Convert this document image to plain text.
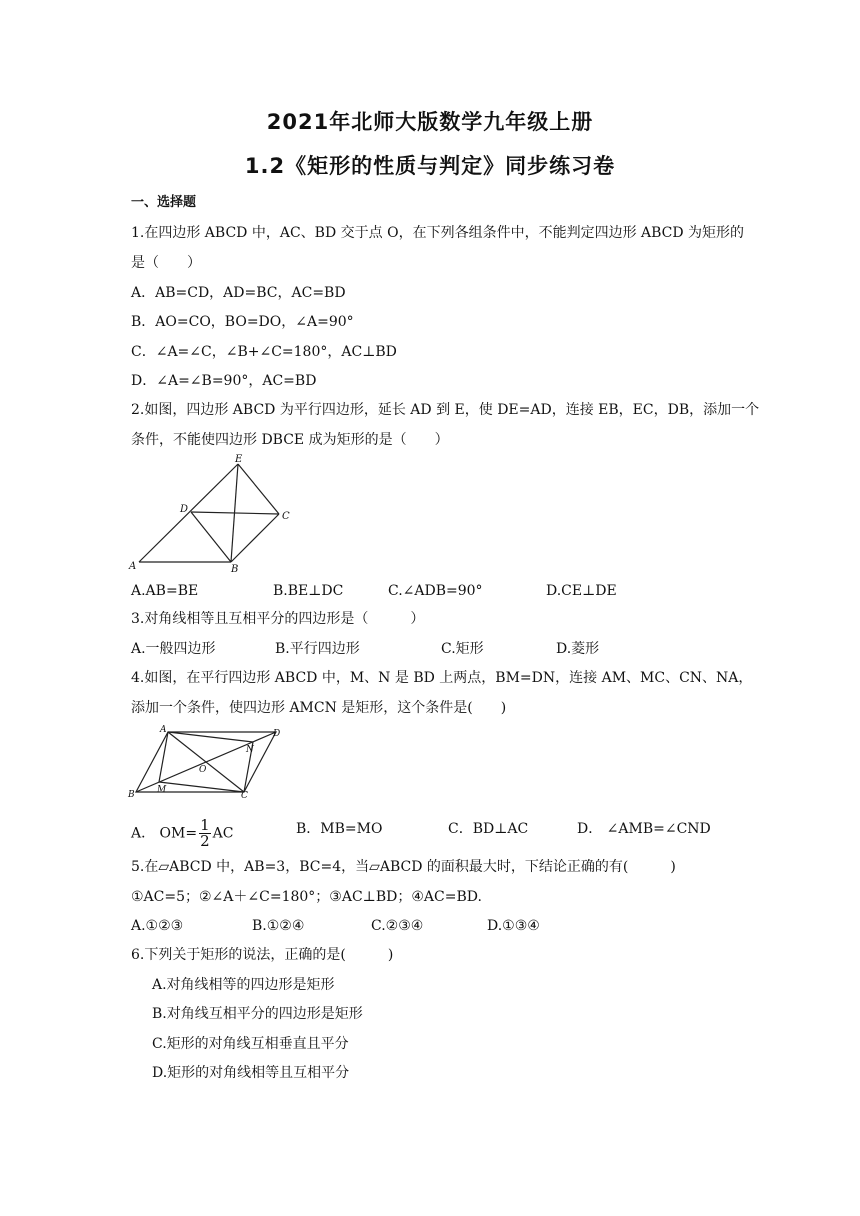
2021年北师大版数学九年级上册
1.2《矩形的性质与判定》同步练习卷
一、选择题
1.在四边形 ABCD 中，AC、BD 交于点 O，在下列各组条件中，不能判定四边形 ABCD 为矩形的
是（　　）
A．AB=CD，AD=BC，AC=BD
B．AO=CO，BO=DO，∠A=90°
C．∠A=∠C，∠B+∠C=180°，AC⊥BD
D．∠A=∠B=90°，AC=BD
2.如图，四边形 ABCD 为平行四边形，延长 AD 到 E，使 DE=AD，连接 EB，EC，DB，添加一个
条件，不能使四边形 DBCE 成为矩形的是（　　）
E
D
C
A	B
A.AB=BE	B.BE⊥DC	C.∠ADB=90°	D.CE⊥DE
3.对角线相等且互相平分的四边形是（　　　）
A.一般四边形	B.平行四边形	C.矩形	D.菱形
4.如图，在平行四边形 ABCD 中，M、N 是 BD 上两点，BM=DN，连接 AM、MC、CN、NA，
添加一个条件，使四边形 AMCN 是矩形，这个条件是(　　)
A	D
N
O
B M
C
A． $OM= \frac{1}{2}$ AC	B．MB=MO	C．BD⊥AC	D． ∠AMB=∠CND
5.在▱ABCD 中，AB=3，BC=4，当▱ABCD 的面积最大时，下结论正确的有(　　　)
①AC=5；②∠A＋∠C=180°；③AC⊥BD；④AC=BD.
A.①②③	B.①②④	C.②③④	D.①③④
6.下列关于矩形的说法，正确的是(　　　)
A.对角线相等的四边形是矩形
B.对角线互相平分的四边形是矩形
C.矩形的对角线互相垂直且平分
D.矩形的对角线相等且互相平分
